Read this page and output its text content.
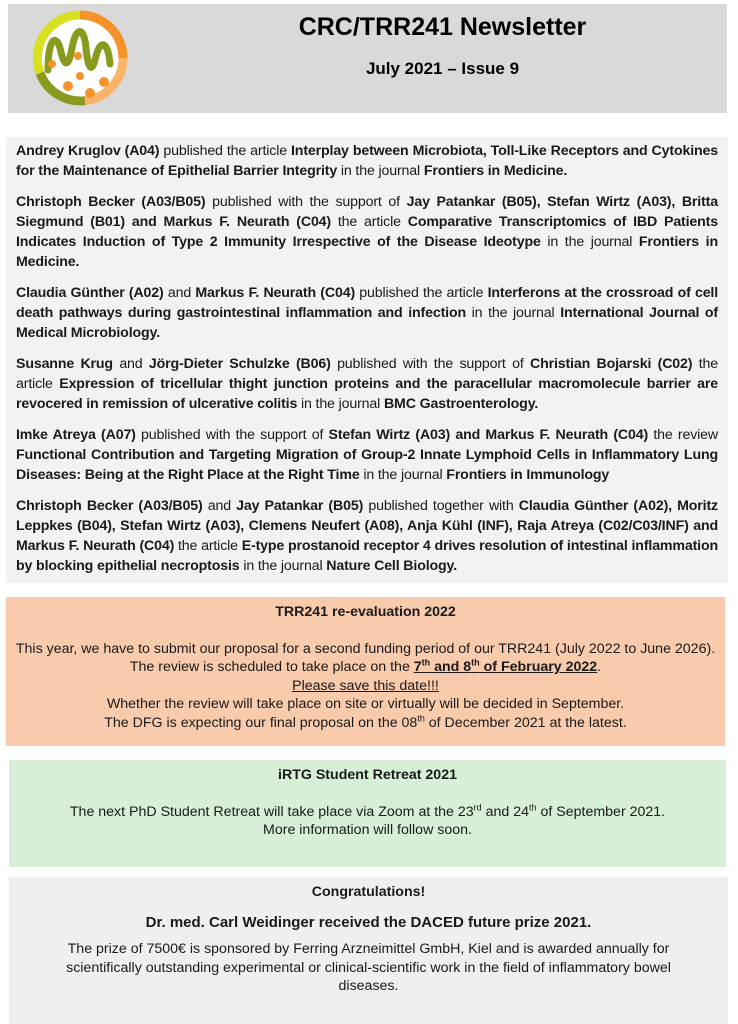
CRC/TRR241 Newsletter
July 2021 – Issue 9

Andrey Kruglov (A04) published the article Interplay between Microbiota, Toll-Like Receptors and Cytokines for the Maintenance of Epithelial Barrier Integrity in the journal Frontiers in Medicine.

Christoph Becker (A03/B05) published with the support of Jay Patankar (B05), Stefan Wirtz (A03), Britta Siegmund (B01) and Markus F. Neurath (C04) the article Comparative Transcriptomics of IBD Patients Indicates Induction of Type 2 Immunity Irrespective of the Disease Ideotype in the journal Frontiers in Medicine.

Claudia Günther (A02) and Markus F. Neurath (C04) published the article Interferons at the crossroad of cell death pathways during gastrointestinal inflammation and infection in the journal International Journal of Medical Microbiology.

Susanne Krug and Jörg-Dieter Schulzke (B06) published with the support of Christian Bojarski (C02) the article Expression of tricellular thight junction proteins and the paracellular macromolecule barrier are revocered in remission of ulcerative colitis in the journal BMC Gastroenterology.

Imke Atreya (A07) published with the support of Stefan Wirtz (A03) and Markus F. Neurath (C04) the review Functional Contribution and Targeting Migration of Group-2 Innate Lymphoid Cells in Inflammatory Lung Diseases: Being at the Right Place at the Right Time in the journal Frontiers in Immunology

Christoph Becker (A03/B05) and Jay Patankar (B05) published together with Claudia Günther (A02), Moritz Leppkes (B04), Stefan Wirtz (A03), Clemens Neufert (A08), Anja Kühl (INF), Raja Atreya (C02/C03/INF) and Markus F. Neurath (C04) the article E-type prostanoid receptor 4 drives resolution of intestinal inflammation by blocking epithelial necroptosis in the journal Nature Cell Biology.

TRR241 re-evaluation 2022
This year, we have to submit our proposal for a second funding period of our TRR241 (July 2022 to June 2026). The review is scheduled to take place on the 7th and 8th of February 2022.
Please save this date!!!
Whether the review will take place on site or virtually will be decided in September.
The DFG is expecting our final proposal on the 08th of December 2021 at the latest.
iRTG Student Retreat 2021
The next PhD Student Retreat will take place via Zoom at the 23rd and 24th of September 2021.
More information will follow soon.
Congratulations!
Dr. med. Carl Weidinger received the DACED future prize 2021.
The prize of 7500€ is sponsored by Ferring Arzneimittel GmbH, Kiel and is awarded annually for scientifically outstanding experimental or clinical-scientific work in the field of inflammatory bowel diseases.
